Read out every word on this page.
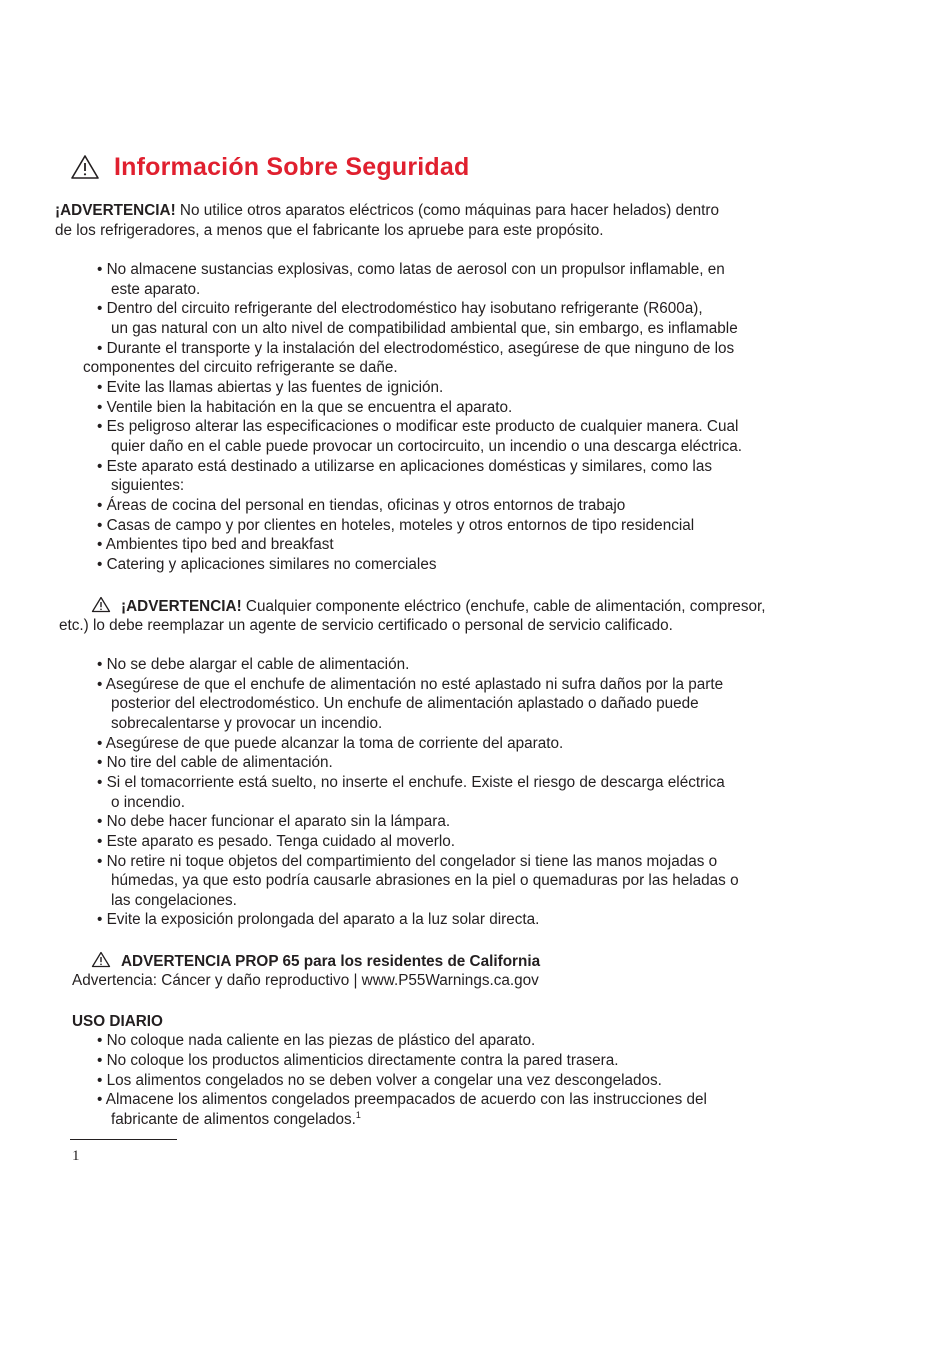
Información Sobre Seguridad
¡ADVERTENCIA! No utilice otros aparatos eléctricos (como máquinas para hacer helados) dentro
de los refrigeradores, a menos que el fabricante los apruebe para este propósito.
• No almacene sustancias explosivas, como latas de aerosol con un propulsor inflamable, en
este aparato.
• Dentro del circuito refrigerante del electrodoméstico hay isobutano refrigerante (R600a),
un gas natural con un alto nivel de compatibilidad ambiental que, sin embargo, es inflamable
• Durante el transporte y la instalación del electrodoméstico, asegúrese de que ninguno de los
componentes del circuito refrigerante se dañe.
• Evite las llamas abiertas y las fuentes de ignición.
• Ventile bien la habitación en la que se encuentra el aparato.
• Es peligroso alterar las especificaciones o modificar este producto de cualquier manera. Cual
quier daño en el cable puede provocar un cortocircuito, un incendio o una descarga eléctrica.
• Este aparato está destinado a utilizarse en aplicaciones domésticas y similares, como las
siguientes:
• Áreas de cocina del personal en tiendas, oficinas y otros entornos de trabajo
• Casas de campo y por clientes en hoteles, moteles y otros entornos de tipo residencial
• Ambientes tipo bed and breakfast
• Catering y aplicaciones similares no comerciales
¡ADVERTENCIA! Cualquier componente eléctrico (enchufe, cable de alimentación, compresor,
etc.) lo debe reemplazar un agente de servicio certificado o personal de servicio calificado.
• No se debe alargar el cable de alimentación.
• Asegúrese de que el enchufe de alimentación no esté aplastado ni sufra daños por la parte
posterior del electrodoméstico. Un enchufe de alimentación aplastado o dañado puede
sobrecalentarse y provocar un incendio.
• Asegúrese de que puede alcanzar la toma de corriente del aparato.
• No tire del cable de alimentación.
• Si el tomacorriente está suelto, no inserte el enchufe. Existe el riesgo de descarga eléctrica
o incendio.
• No debe hacer funcionar el aparato sin la lámpara.
• Este aparato es pesado. Tenga cuidado al moverlo.
• No retire ni toque objetos del compartimiento del congelador si tiene las manos mojadas o
húmedas, ya que esto podría causarle abrasiones en la piel o quemaduras por las heladas o
las congelaciones.
• Evite la exposición prolongada del aparato a la luz solar directa.
ADVERTENCIA PROP 65 para los residentes de California
Advertencia: Cáncer y daño reproductivo | www.P55Warnings.ca.gov
USO DIARIO
• No coloque nada caliente en las piezas de plástico del aparato.
• No coloque los productos alimenticios directamente contra la pared trasera.
• Los alimentos congelados no se deben volver a congelar una vez descongelados.
• Almacene los alimentos congelados preempacados de acuerdo con las instrucciones del
fabricante de alimentos congelados.$^1$
1
